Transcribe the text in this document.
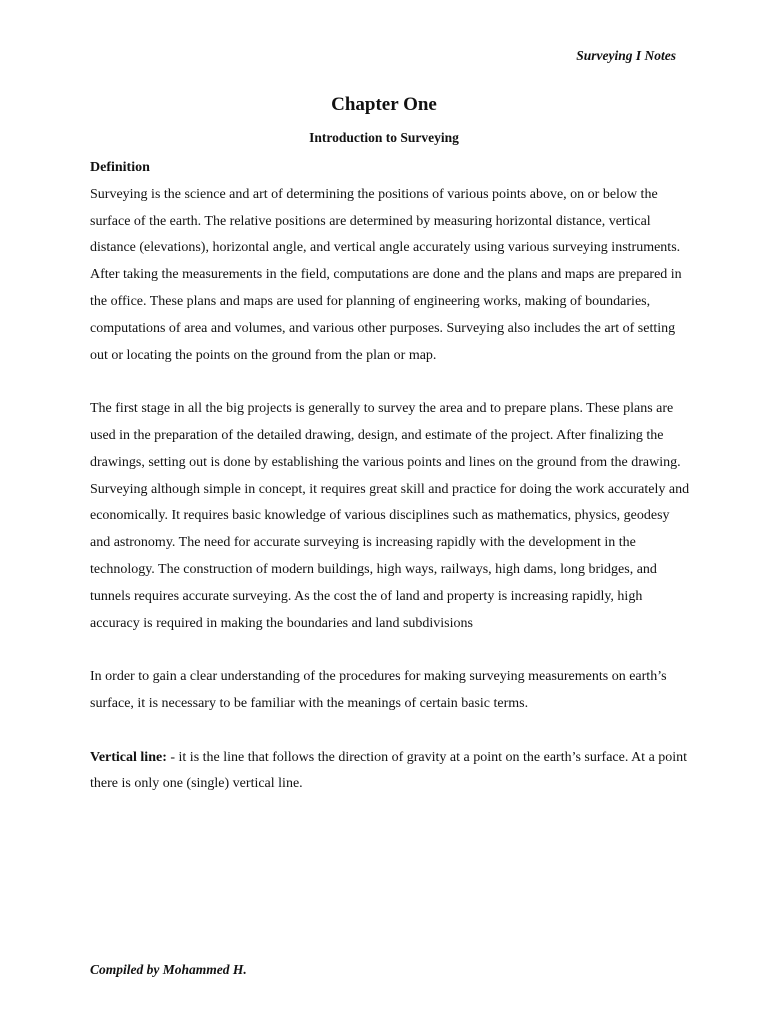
Surveying I Notes
Chapter One
Introduction to Surveying

Definition

Surveying is the science and art of determining the positions of various points above, on or below the surface of the earth. The relative positions are determined by measuring horizontal distance, vertical distance (elevations), horizontal angle, and vertical angle accurately using various surveying instruments. After taking the measurements in the field, computations are done and the plans and maps are prepared in the office. These plans and maps are used for planning of engineering works, making of boundaries, computations of area and volumes, and various other purposes. Surveying also includes the art of setting out or locating the points on the ground from the plan or map.

The first stage in all the big projects is generally to survey the area and to prepare plans. These plans are used in the preparation of the detailed drawing, design, and estimate of the project. After finalizing the drawings, setting out is done by establishing the various points and lines on the ground from the drawing.

Surveying although simple in concept, it requires great skill and practice for doing the work accurately and economically. It requires basic knowledge of various disciplines such as mathematics, physics, geodesy and astronomy. The need for accurate surveying is increasing rapidly with the development in the technology. The construction of modern buildings, high ways, railways, high dams, long bridges, and tunnels requires accurate surveying. As the cost the of land and property is increasing rapidly, high accuracy is required in making the boundaries and land subdivisions

In order to gain a clear understanding of the procedures for making surveying measurements on earth’s surface, it is necessary to be familiar with the meanings of certain basic terms.

Vertical line: - it is the line that follows the direction of gravity at a point on the earth’s surface. At a point there is only one (single) vertical line.

Compiled by Mohammed H.
